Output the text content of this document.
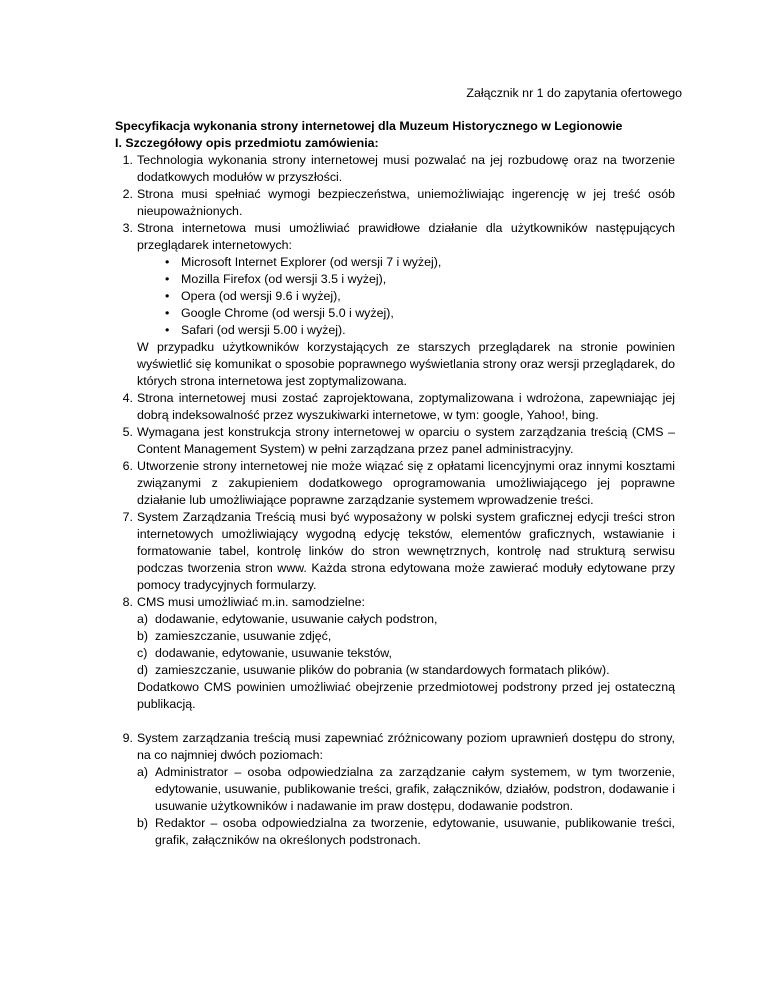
Załącznik nr 1 do zapytania ofertowego
Specyfikacja wykonania strony internetowej dla Muzeum Historycznego w Legionowie
I. Szczegółowy opis przedmiotu zamówienia:
1. Technologia wykonania strony internetowej musi pozwalać na jej rozbudowę oraz na tworzenie dodatkowych modułów w przyszłości.
2. Strona musi spełniać wymogi bezpieczeństwa, uniemożliwiając ingerencję w jej treść osób nieupoważnionych.
3. Strona internetowa musi umożliwiać prawidłowe działanie dla użytkowników następujących przeglądarek internetowych:
• Microsoft Internet Explorer (od wersji 7 i wyżej),
• Mozilla Firefox (od wersji 3.5 i wyżej),
• Opera (od wersji 9.6 i wyżej),
• Google Chrome (od wersji 5.0 i wyżej),
• Safari (od wersji 5.00 i wyżej).

W przypadku użytkowników korzystających ze starszych przeglądarek na stronie powinien wyświetlić się komunikat o sposobie poprawnego wyświetlania strony oraz wersji przeglądarek, do których strona internetowa jest zoptymalizowana.

4. Strona internetowej musi zostać zaprojektowana, zoptymalizowana i wdrożona, zapewniając jej dobrą indeksowalność przez wyszukiwarki internetowe, w tym: google, Yahoo!, bing.
5. Wymagana jest konstrukcja strony internetowej w oparciu o system zarządzania treścią (CMS – Content Management System) w pełni zarządzana przez panel administracyjny.
6. Utworzenie strony internetowej nie może wiązać się z opłatami licencyjnymi oraz innymi kosztami związanymi z zakupieniem dodatkowego oprogramowania umożliwiającego jej poprawne działanie lub umożliwiające poprawne zarządzanie systemem wprowadzenie treści.
7. System Zarządzania Treścią musi być wyposażony w polski system graficznej edycji treści stron internetowych umożliwiający wygodną edycję tekstów, elementów graficznych, wstawianie i formatowanie tabel, kontrolę linków do stron wewnętrznych, kontrolę nad strukturą serwisu podczas tworzenia stron www. Każda strona edytowana może zawierać moduły edytowane przy pomocy tradycyjnych formularzy.
8. CMS musi umożliwiać m.in. samodzielne:
a) dodawanie, edytowanie, usuwanie całych podstron,
b) zamieszczanie, usuwanie zdjęć,
c) dodawanie, edytowanie, usuwanie tekstów,
d) zamieszczanie, usuwanie plików do pobrania (w standardowych formatach plików).

Dodatkowo CMS powinien umożliwiać obejrzenie przedmiotowej podstrony przed jej ostateczną publikacją.

9. System zarządzania treścią musi zapewniać zróżnicowany poziom uprawnień dostępu do strony, na co najmniej dwóch poziomach:
a) Administrator – osoba odpowiedzialna za zarządzanie całym systemem, w tym tworzenie, edytowanie, usuwanie, publikowanie treści, grafik, załączników, działów, podstron, dodawanie i usuwanie użytkowników i nadawanie im praw dostępu, dodawanie podstron.
b) Redaktor – osoba odpowiedzialna za tworzenie, edytowanie, usuwanie, publikowanie treści, grafik, załączników na określonych podstronach.
